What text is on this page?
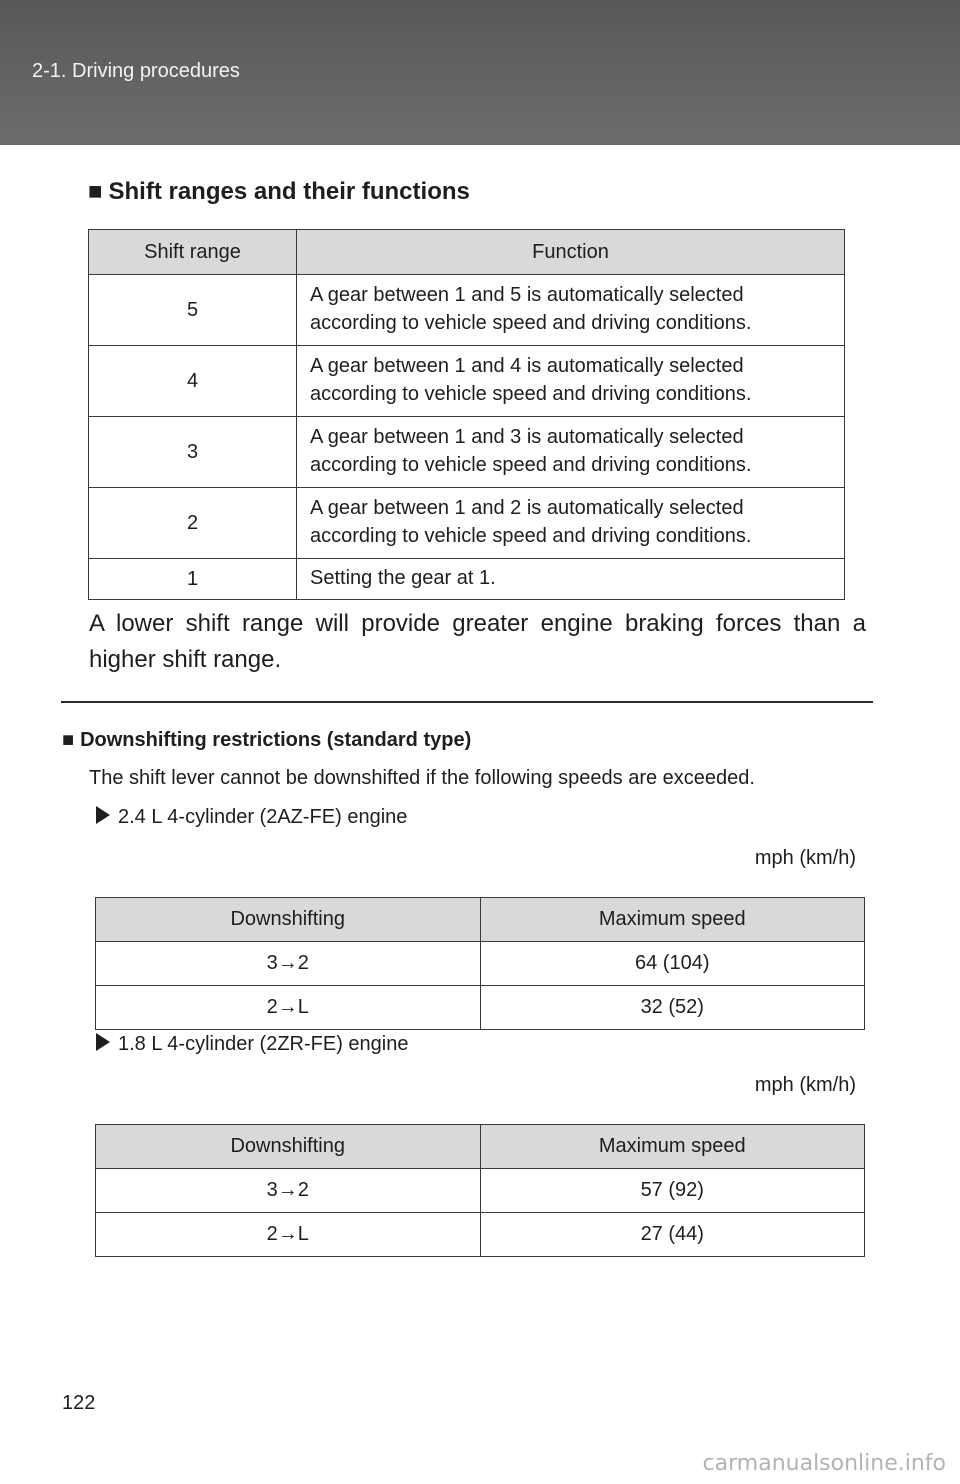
2-1. Driving procedures
■ Shift ranges and their functions
Shift range	Function
5	A gear between 1 and 5 is automatically selected according to vehicle speed and driving conditions.
4	A gear between 1 and 4 is automatically selected according to vehicle speed and driving conditions.
3	A gear between 1 and 3 is automatically selected according to vehicle speed and driving conditions.
2	A gear between 1 and 2 is automatically selected according to vehicle speed and driving conditions.
1	Setting the gear at 1.
A lower shift range will provide greater engine braking forces than a higher shift range.
■ Downshifting restrictions (standard type)
The shift lever cannot be downshifted if the following speeds are exceeded.
2.4 L 4-cylinder (2AZ-FE) engine
mph (km/h)
Downshifting	Maximum speed
3→2	64 (104)
2→L	32 (52)
1.8 L 4-cylinder (2ZR-FE) engine
mph (km/h)
Downshifting	Maximum speed
3→2	57 (92)
2→L	27 (44)
122
carmanualsonline.info
